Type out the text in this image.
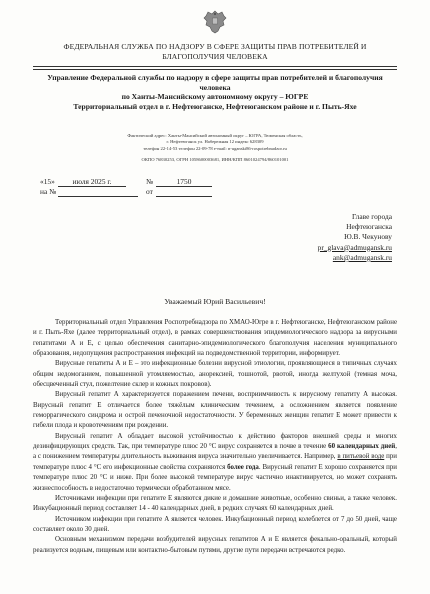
ФЕДЕРАЛЬНАЯ СЛУЖБА ПО НАДЗОРУ В СФЕРЕ ЗАЩИТЫ ПРАВ ПОТРЕБИТЕЛЕЙ И БЛАГОПОЛУЧИЯ ЧЕЛОВЕКА
Управление Федеральной службы по надзору в сфере защиты прав потребителей и благополучия человека
по Ханты-Мансийскому автономному округу – ЮГРЕ
Территориальный отдел в г. Нефтеюганске, Нефтеюганском районе и г. Пыть-Яхе
Фактический адрес: Ханты-Мансийский автономный округ – ЮГРА, Тюменская область,
г. Нефтеюганск ул. Набережная 12 индекс 628309
телефон 22-14-53 телефон 22-09-78 e-mail: n-uganski86-rospotrebnadzor.ru
ОКПО 76830253, ОГРН 1058600003681, ИНН/КПП 8601024794/860101001
«15»	июля 2025 г.	№	1750
на №	от
Главе города
Нефтеюганска
Ю.В. Чекунову
pr_glava@admugansk.ru
ank@admugansk.ru
Уважаемый Юрий Васильевич!

Территориальный отдел Управления Роспотребнадзора по ХМАО-Югре в г. Нефтеюганске, Нефтеюганском районе и г. Пыть-Яхе (далее территориальный отдел), в рамках совершенствования эпидемиологического надзора за вирусными гепатитами А и Е, с целью обеспечения санитарно-эпидемиологического благополучия населения муниципального образования, недопущения распространения инфекций на подведомственной территории, информирует.

Вирусные гепатиты А и Е – это инфекционные болезни вирусной этиологии, проявляющиеся в типичных случаях общим недомоганием, повышенной утомляемостью, анорексией, тошнотой, рвотой, иногда желтухой (темная моча, обесцвеченный стул, пожелтение склер и кожных покровов).

Вирусный гепатит А характеризуется поражением печени, восприимчивость к вирусному гепатиту А высокая. Вирусный гепатит Е отличается более тяжёлым клиническим течением, а осложнением является появление геморрагического синдрома и острой печеночной недостаточности. У беременных женщин гепатит Е может привести к гибели плода и кровотечениям при рождении.

Вирусный гепатит А обладает высокой устойчивостью к действию факторов внешней среды и многих дезинфицирующих средств. Так, при температуре плюс 20 °С вирус сохраняется в почве в течение 60 календарных дней, а с понижением температуры длительность выживания вируса значительно увеличивается. Например, в питьевой воде при температуре плюс 4 °С его инфекционные свойства сохраняются более года. Вирусный гепатит Е хорошо сохраняется при температуре плюс 20 °С и ниже. При более высокой температуре вирус частично инактивируется, но может сохранять жизнеспособность в недостаточно термически обработанном мясе.

Источниками инфекции при гепатите Е являются дикие и домашние животные, особенно свиньи, а также человек. Инкубационный период составляет 14 - 40 календарных дней, в редких случаях 60 календарных дней.

Источником инфекции при гепатите А является человек. Инкубационный период колеблется от 7 до 50 дней, чаще составляет около 30 дней.

Основным механизмом передачи возбудителей вирусных гепатитов А и Е является фекально-оральный, который реализуется водным, пищевым или контактно-бытовым путями, другие пути передачи встречаются редко.
